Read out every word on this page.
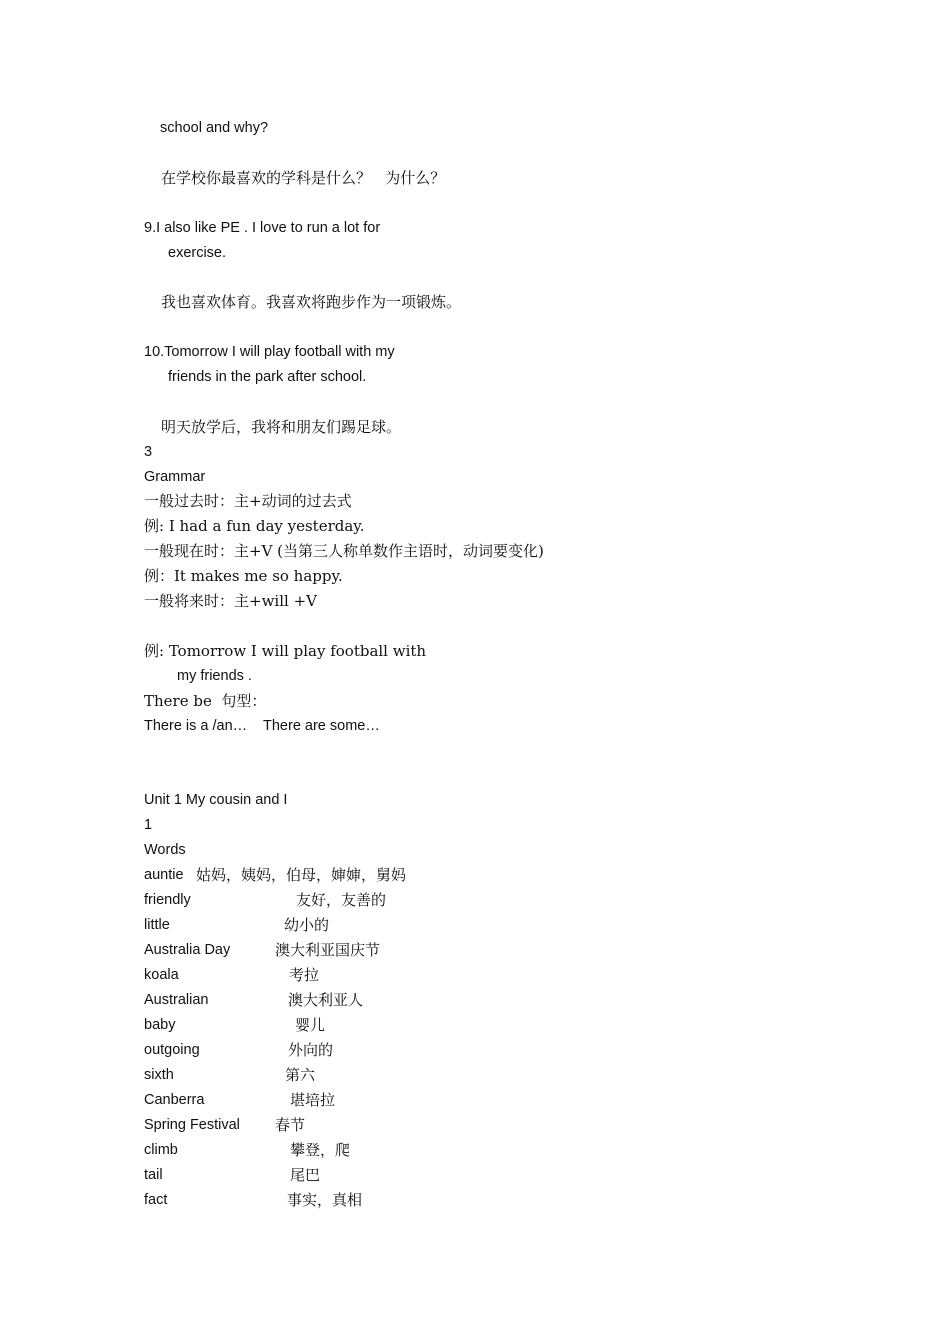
school and why?
在学校你最喜欢的学科是什么？   为什么？
9.I also like PE . I love to run a lot for
exercise.
我也喜欢体育。我喜欢将跑步作为一项锻炼。
10.Tomorrow I will play football with my
friends in the park after school.
明天放学后，我将和朋友们踢足球。
3
Grammar
一般过去时：主+动词的过去式
例: I had a fun day yesterday.
一般现在时：主+V (当第三人称单数作主语时，动词要变化)
例：It makes me so happy.
一般将来时：主+will +V
例: Tomorrow I will play football with
my friends .
There be  句型：
There is a /an…    There are some…
Unit 1 My cousin and I
1
Words
auntie 姑妈，姨妈，伯母，婶婶，舅妈
friendly	友好，友善的
little	幼小的
Australia Day	澳大利亚国庆节
koala	考拉
Australian	澳大利亚人
baby	婴儿
outgoing	外向的
sixth	第六
Canberra	堪培拉
Spring Festival 春节
climb	攀登，爬
tail	尾巴
fact	事实，真相
